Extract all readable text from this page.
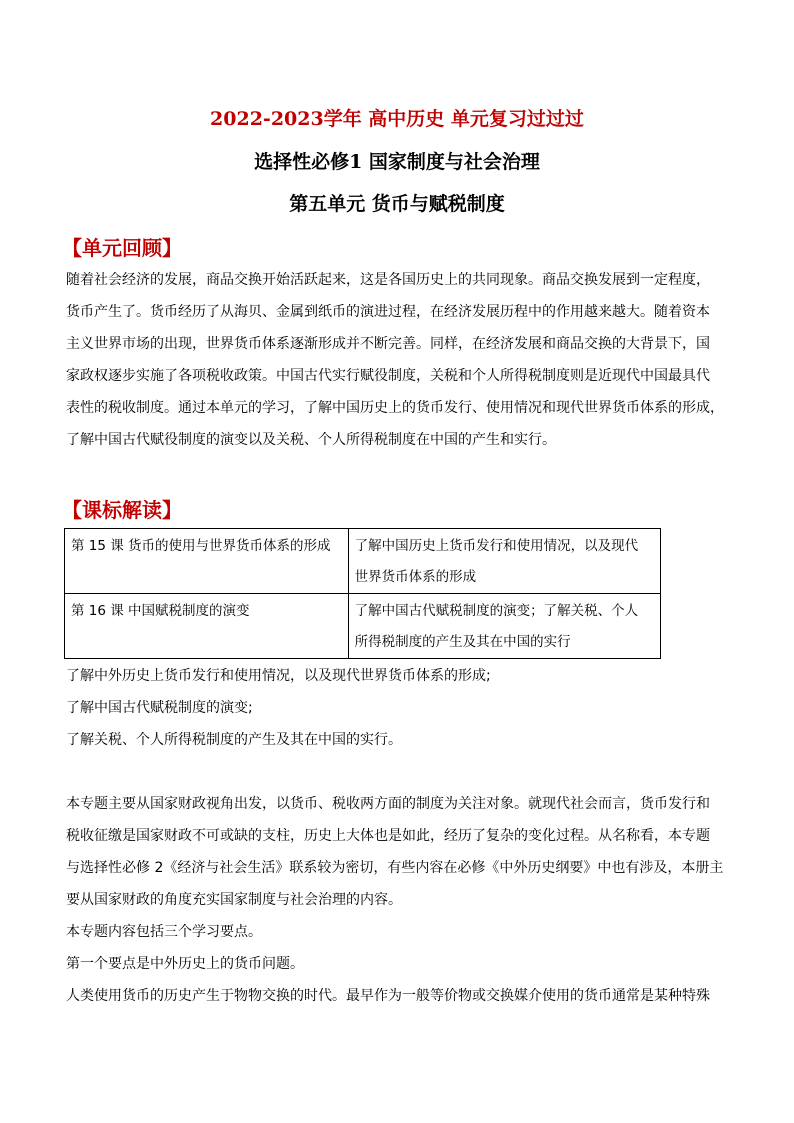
2022-2023学年 高中历史 单元复习过过过
选择性必修1 国家制度与社会治理
第五单元 货币与赋税制度
【单元回顾】
随着社会经济的发展，商品交换开始活跃起来，这是各国历史上的共同现象。商品交换发展到一定程度，
货币产生了。货币经历了从海贝、金属到纸币的演进过程，在经济发展历程中的作用越来越大。随着资本
主义世界市场的出现，世界货币体系逐渐形成并不断完善。同样，在经济发展和商品交换的大背景下，国
家政权逐步实施了各项税收政策。中国古代实行赋役制度，关税和个人所得税制度则是近现代中国最具代
表性的税收制度。通过本单元的学习，了解中国历史上的货币发行、使用情况和现代世界货币体系的形成，
了解中国古代赋役制度的演变以及关税、个人所得税制度在中国的产生和实行。
【课标解读】
第 15 课 货币的使用与世界货币体系的形成	了解中国历史上货币发行和使用情况，以及现代
世界货币体系的形成

第 16 课 中国赋税制度的演变	了解中国古代赋税制度的演变；了解关税、个人
所得税制度的产生及其在中国的实行
了解中外历史上货币发行和使用情况，以及现代世界货币体系的形成;
了解中国古代赋税制度的演变;
了解关税、个人所得税制度的产生及其在中国的实行。
本专题主要从国家财政视角出发，以货币、税收两方面的制度为关注对象。就现代社会而言，货币发行和
税收征缴是国家财政不可或缺的支柱，历史上大体也是如此，经历了复杂的变化过程。从名称看，本专题
与选择性必修 2《经济与社会生活》联系较为密切，有些内容在必修《中外历史纲要》中也有涉及，本册主
要从国家财政的角度充实国家制度与社会治理的内容。
本专题内容包括三个学习要点。
第一个要点是中外历史上的货币问题。
人类使用货币的历史产生于物物交换的时代。最早作为一般等价物或交换媒介使用的货币通常是某种特殊
